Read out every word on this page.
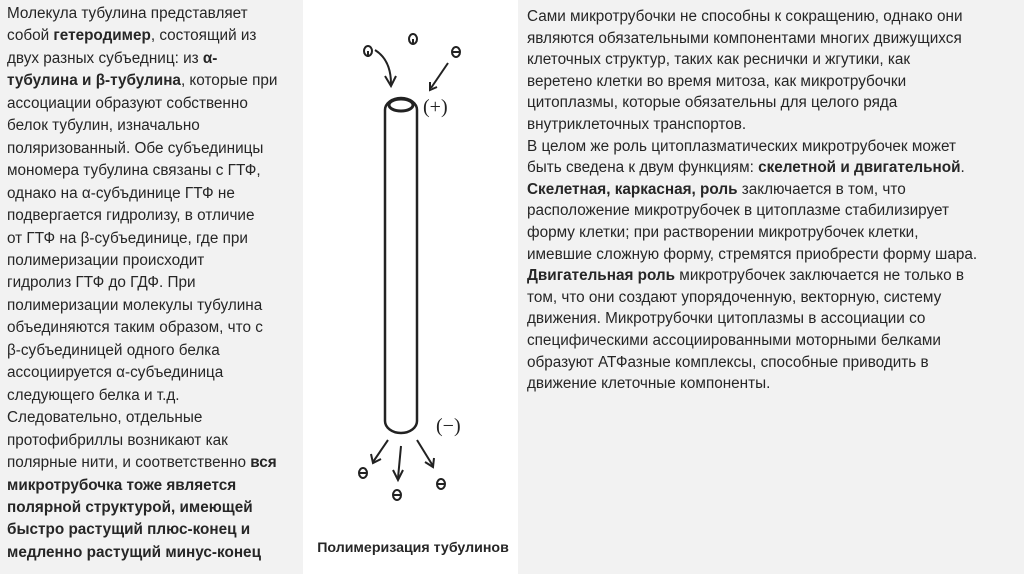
Молекула тубулина представляет
собой гетеродимер, состоящий из
двух разных субъедниц: из α-
тубулина и β-тубулина, которые при
ассоциации образуют собственно
белок тубулин, изначально
поляризованный. Обе субъединицы
мономера тубулина связаны с ГТФ,
однако на α-субъдинице ГТФ не
подвергается гидролизу, в отличие
от ГТФ на β-субъединице, где при
полимеризации происходит
гидролиз ГТФ до ГДФ. При
полимеризации молекулы тубулина
объединяются таким образом, что с
β-субъединицей одного белка
ассоциируется α-субъединица
следующего белка и т.д.
Следовательно, отдельные
протофибриллы возникают как
полярные нити, и соответственно вся
микротрубочка тоже является
полярной структурой, имеющей
быстро растущий плюс-конец и
медленно растущий минус-конец
(+)
(−)
Полимеризация тубулинов
Сами микротрубочки не способны к сокращению, однако они
являются обязательными компонентами многих движущихся
клеточных структур, таких как реснички и жгутики, как
веретено клетки во время митоза, как микротрубочки
цитоплазмы, которые обязательны для целого ряда
внутриклеточных транспортов.
В целом же роль цитоплазматических микротрубочек может
быть сведена к двум функциям: скелетной и двигательной.
Скелетная, каркасная, роль заключается в том, что
расположение микротрубочек в цитоплазме стабилизирует
форму клетки; при растворении микротрубочек клетки,
имевшие сложную форму, стремятся приобрести форму шара.
Двигательная роль микротрубочек заключается не только в
том, что они создают упорядоченную, векторную, систему
движения. Микротрубочки цитоплазмы в ассоциации со
специфическими ассоциированными моторными белками
образуют АТФазные комплексы, способные приводить в
движение клеточные компоненты.
